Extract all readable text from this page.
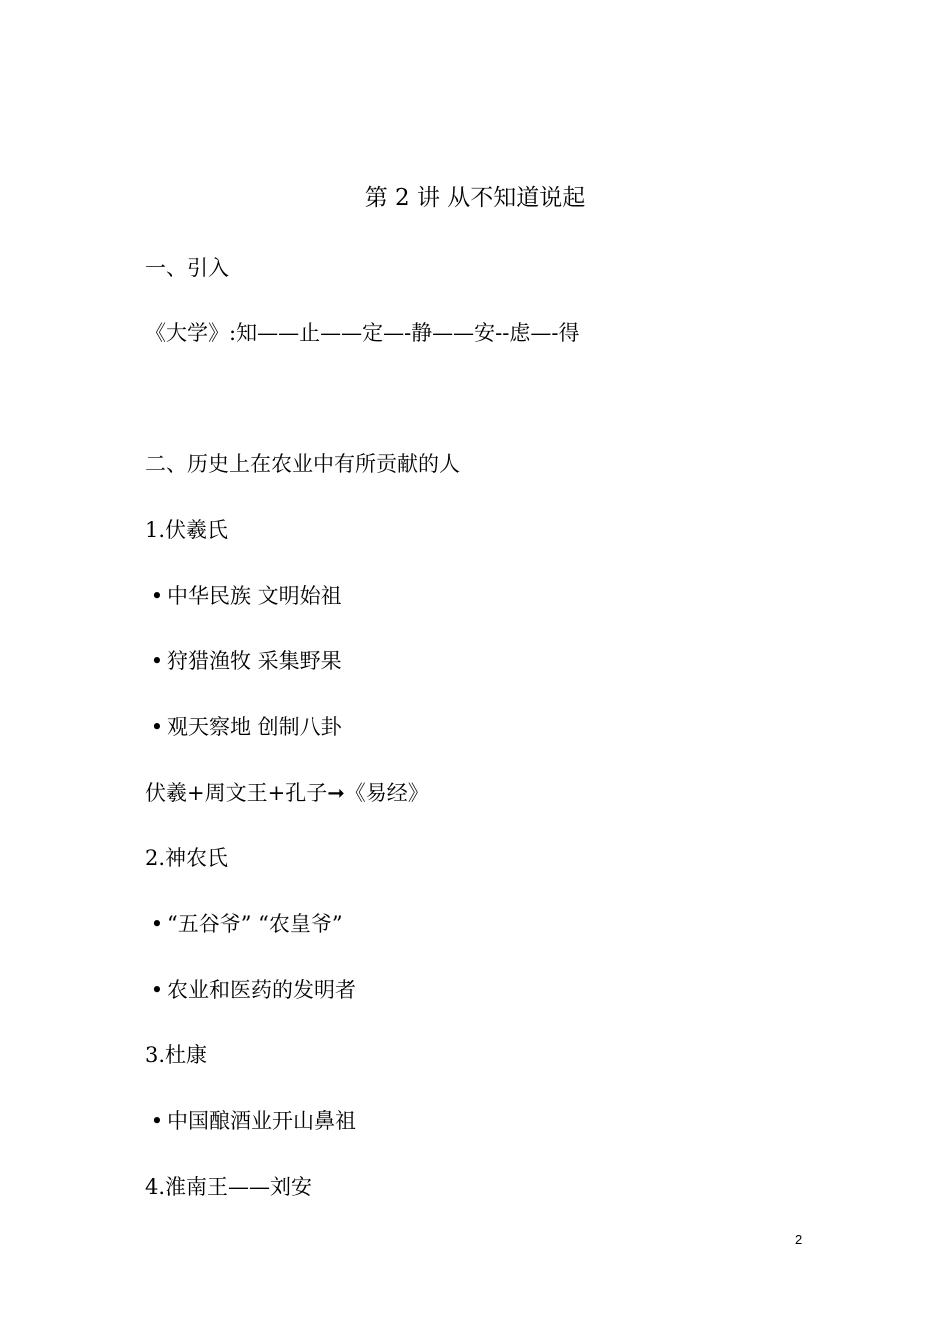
第 2 讲 从不知道说起
一、引入
《大学》:知——止——定—-静——安--虑—-得
二、历史上在农业中有所贡献的人
1.伏羲氏
• 中华民族 文明始祖
• 狩猎渔牧 采集野果
• 观天察地 创制八卦
伏羲+周文王+孔子➞《易经》
2.神农氏
• “五谷爷” “农皇爷”
• 农业和医药的发明者
3.杜康
• 中国酿酒业开山鼻祖
4.淮南王——刘安
2
